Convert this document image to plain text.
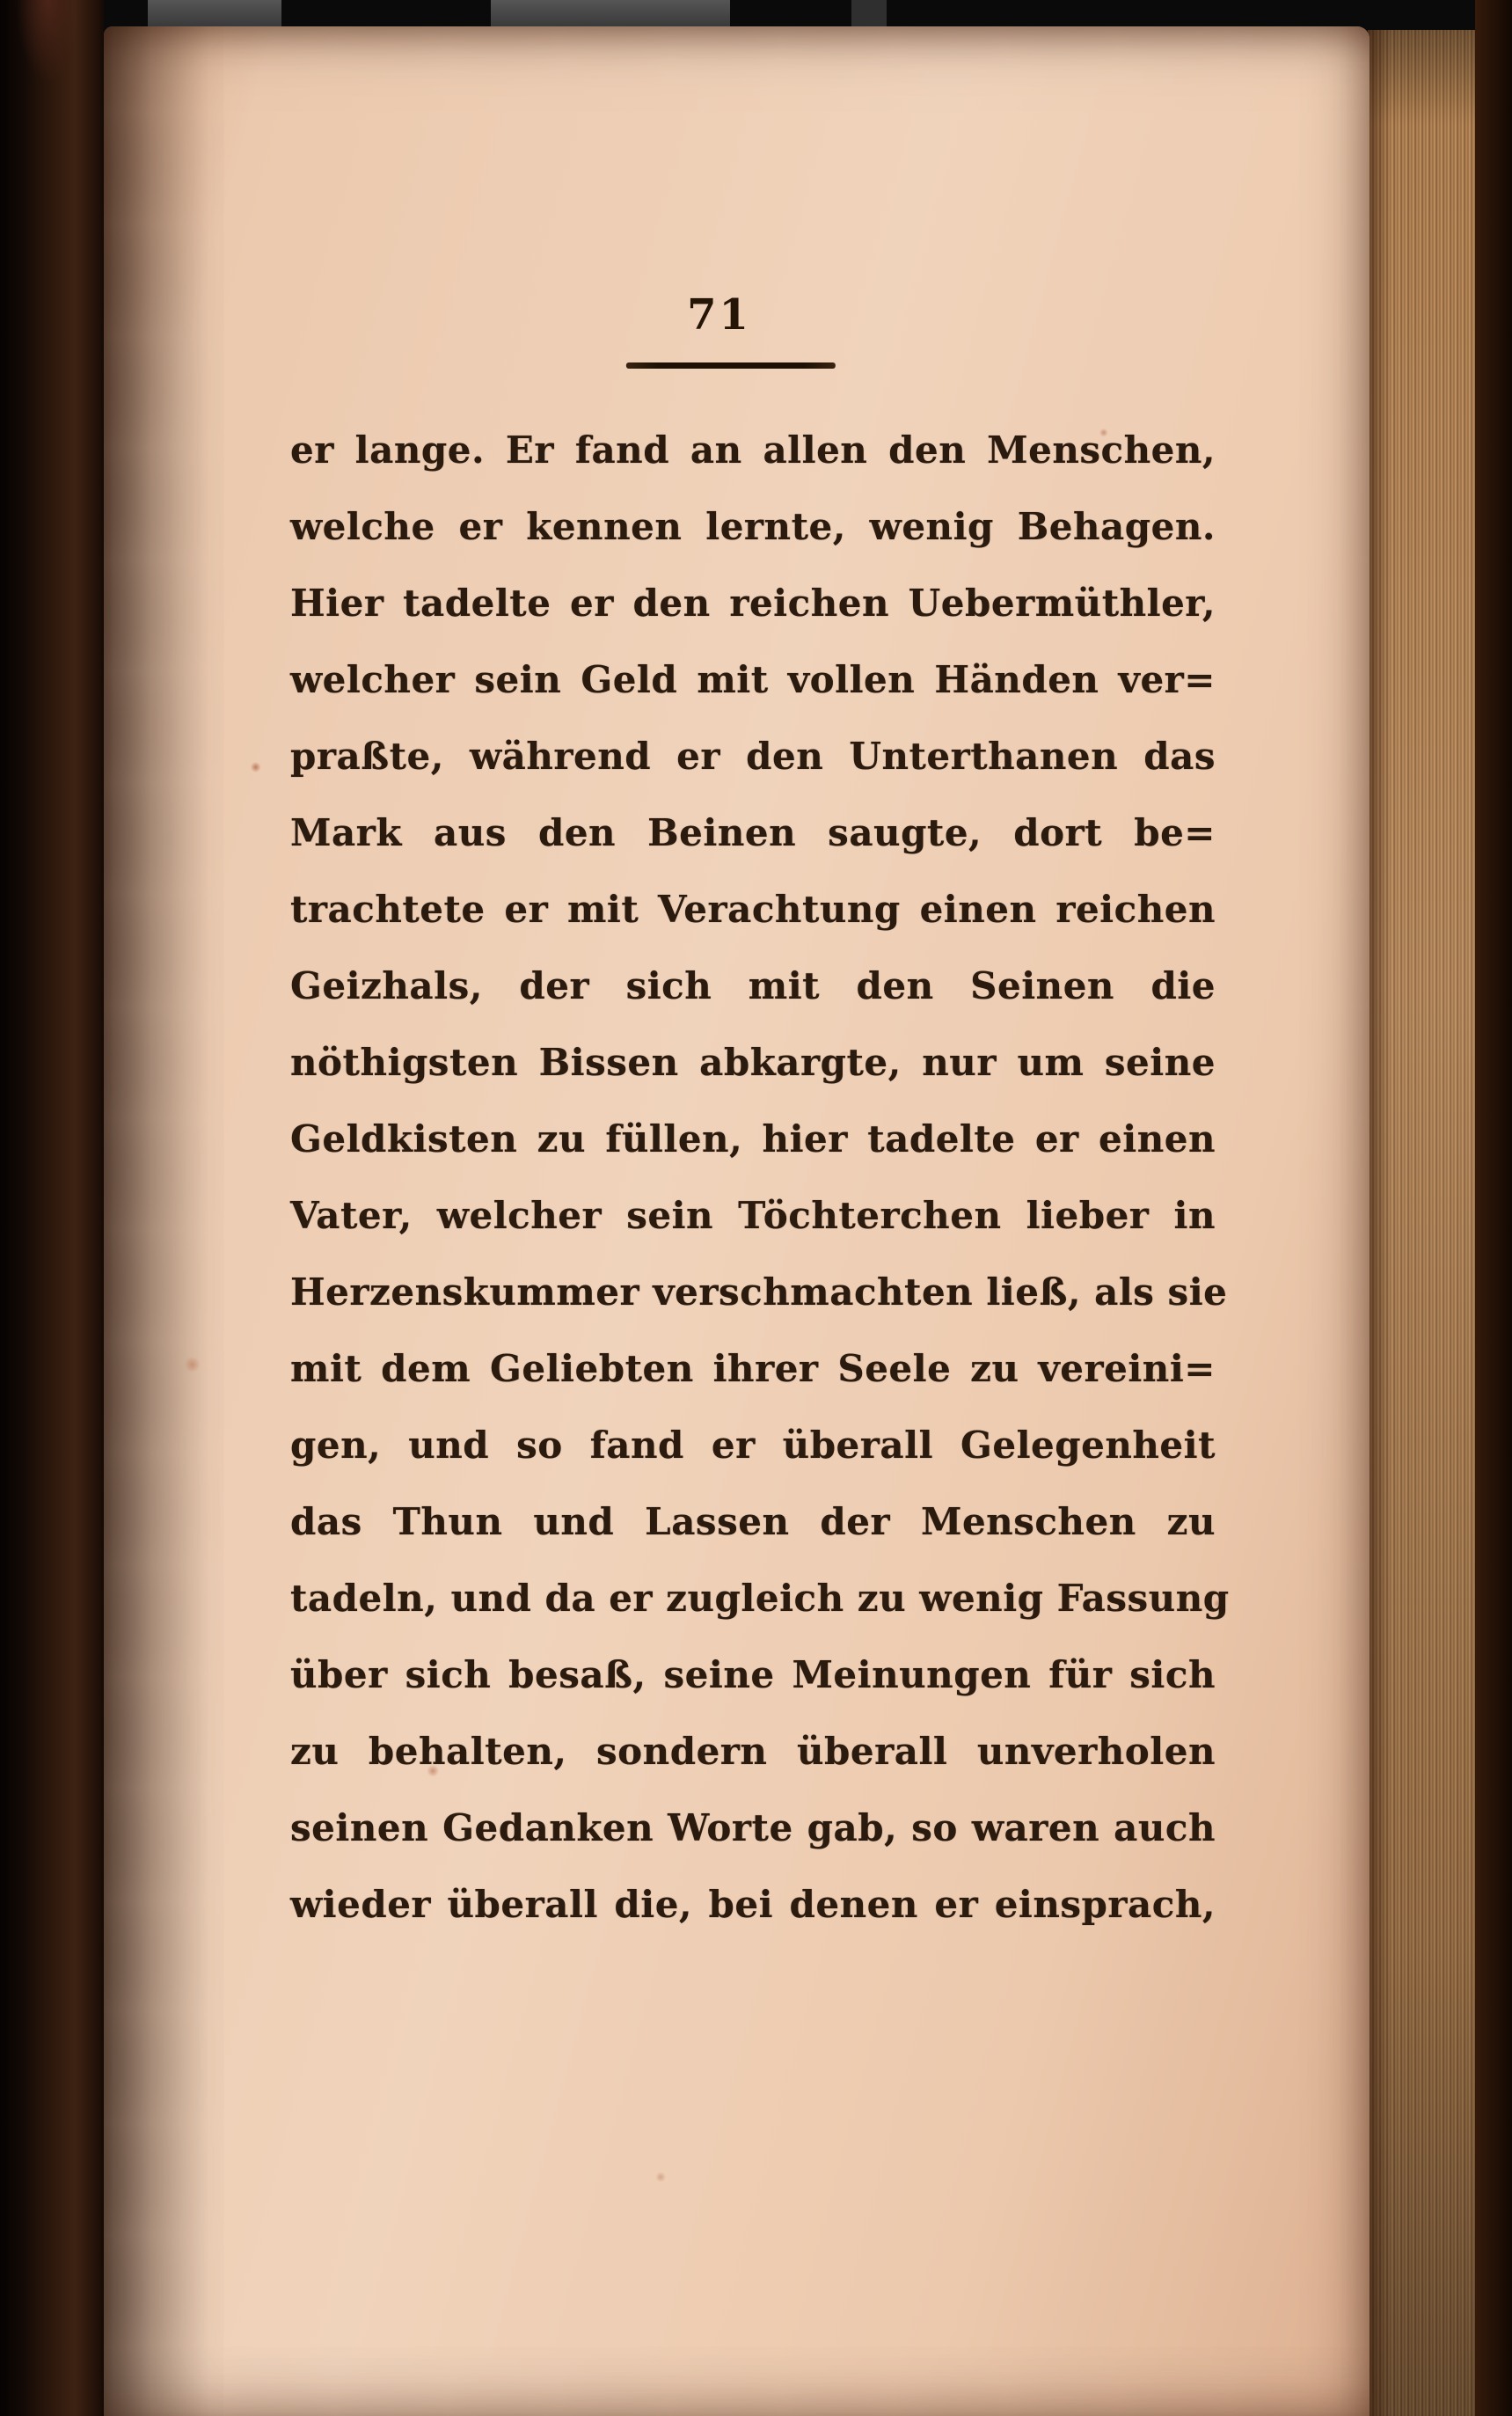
71

er lange. Er fand an allen den Menschen,

welche er kennen lernte, wenig Behagen.

Hier tadelte er den reichen Uebermüthler,

welcher sein Geld mit vollen Händen ver=

praßte, während er den Unterthanen das

Mark aus den Beinen saugte, dort be=

trachtete er mit Verachtung einen reichen

Geizhals, der sich mit den Seinen die

nöthigsten Bissen abkargte, nur um seine

Geldkisten zu füllen, hier tadelte er einen

Vater, welcher sein Töchterchen lieber in

Herzenskummer verschmachten ließ, als sie

mit dem Geliebten ihrer Seele zu vereini=

gen, und so fand er überall Gelegenheit

das Thun und Lassen der Menschen zu

tadeln, und da er zugleich zu wenig Fassung

über sich besaß, seine Meinungen für sich

zu behalten, sondern überall unverholen

seinen Gedanken Worte gab, so waren auch

wieder überall die, bei denen er einsprach,
